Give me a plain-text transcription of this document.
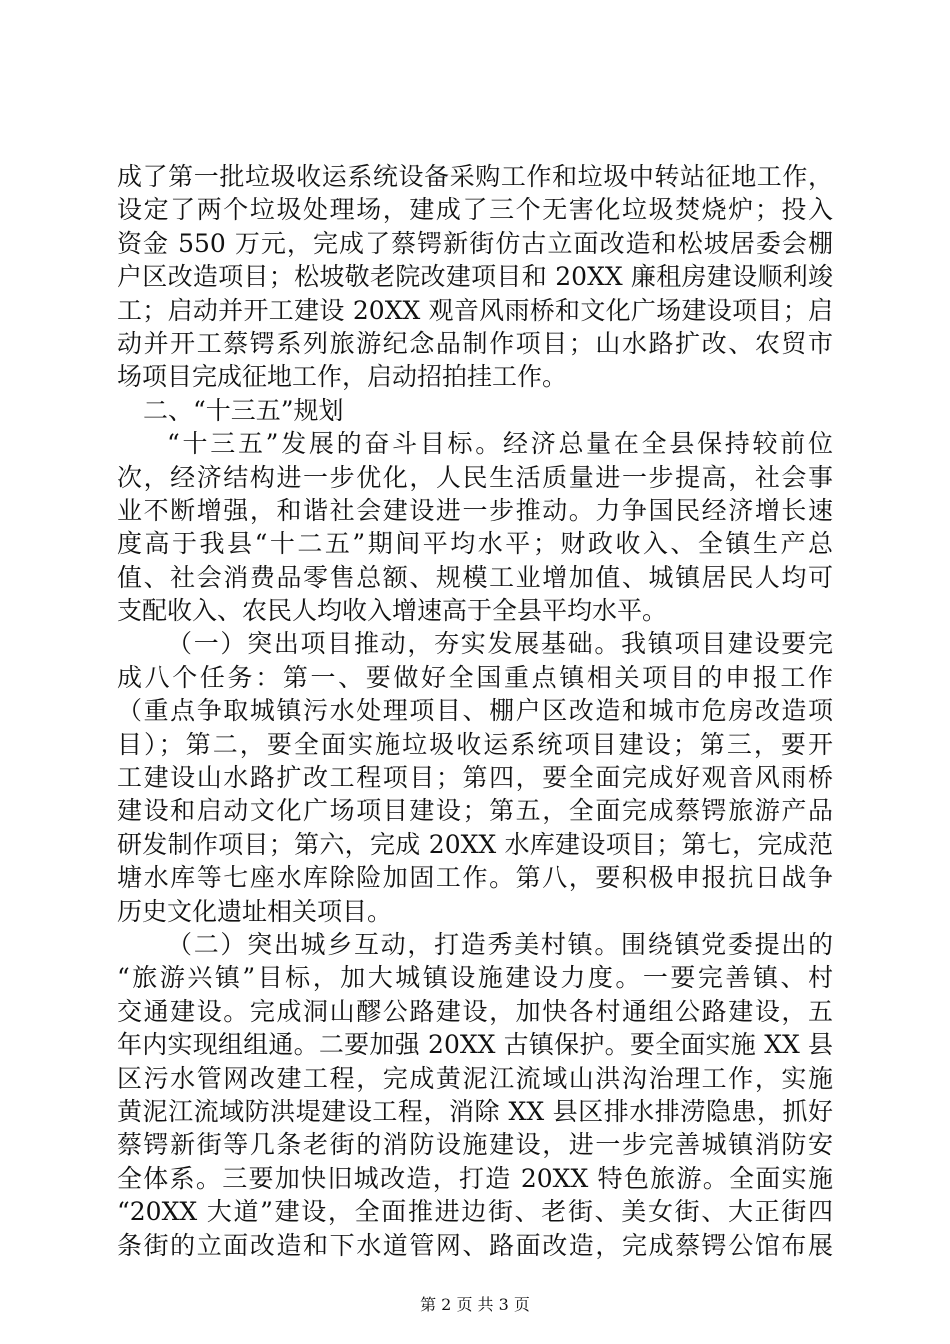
成了第一批垃圾收运系统设备采购工作和垃圾中转站征地工作，
设定了两个垃圾处理场，建成了三个无害化垃圾焚烧炉；投入
资金 550 万元，完成了蔡锷新街仿古立面改造和松坡居委会棚
户区改造项目；松坡敬老院改建项目和 20XX 廉租房建设顺利竣
工；启动并开工建设 20XX 观音风雨桥和文化广场建设项目；启
动并开工蔡锷系列旅游纪念品制作项目；山水路扩改、农贸市
场项目完成征地工作，启动招拍挂工作。
二、“十三五”规划
“十三五”发展的奋斗目标。经济总量在全县保持较前位
次，经济结构进一步优化，人民生活质量进一步提高，社会事
业不断增强，和谐社会建设进一步推动。力争国民经济增长速
度高于我县“十二五”期间平均水平；财政收入、全镇生产总
值、社会消费品零售总额、规模工业增加值、城镇居民人均可
支配收入、农民人均收入增速高于全县平均水平。
（一）突出项目推动，夯实发展基础。我镇项目建设要完
成八个任务：第一、要做好全国重点镇相关项目的申报工作
（重点争取城镇污水处理项目、棚户区改造和城市危房改造项
目）；第二，要全面实施垃圾收运系统项目建设；第三，要开
工建设山水路扩改工程项目；第四，要全面完成好观音风雨桥
建设和启动文化广场项目建设；第五，全面完成蔡锷旅游产品
研发制作项目；第六，完成 20XX 水库建设项目；第七，完成范
塘水库等七座水库除险加固工作。第八，要积极申报抗日战争
历史文化遗址相关项目。
（二）突出城乡互动，打造秀美村镇。围绕镇党委提出的
“旅游兴镇”目标，加大城镇设施建设力度。一要完善镇、村
交通建设。完成洞山醪公路建设，加快各村通组公路建设，五
年内实现组组通。二要加强 20XX 古镇保护。要全面实施 XX 县
区污水管网改建工程，完成黄泥江流域山洪沟治理工作，实施
黄泥江流域防洪堤建设工程，消除 XX 县区排水排涝隐患，抓好
蔡锷新街等几条老街的消防设施建设，进一步完善城镇消防安
全体系。三要加快旧城改造，打造 20XX 特色旅游。全面实施
“20XX 大道”建设，全面推进边街、老街、美女街、大正街四
条街的立面改造和下水道管网、路面改造，完成蔡锷公馆布展
第 2 页 共 3 页
